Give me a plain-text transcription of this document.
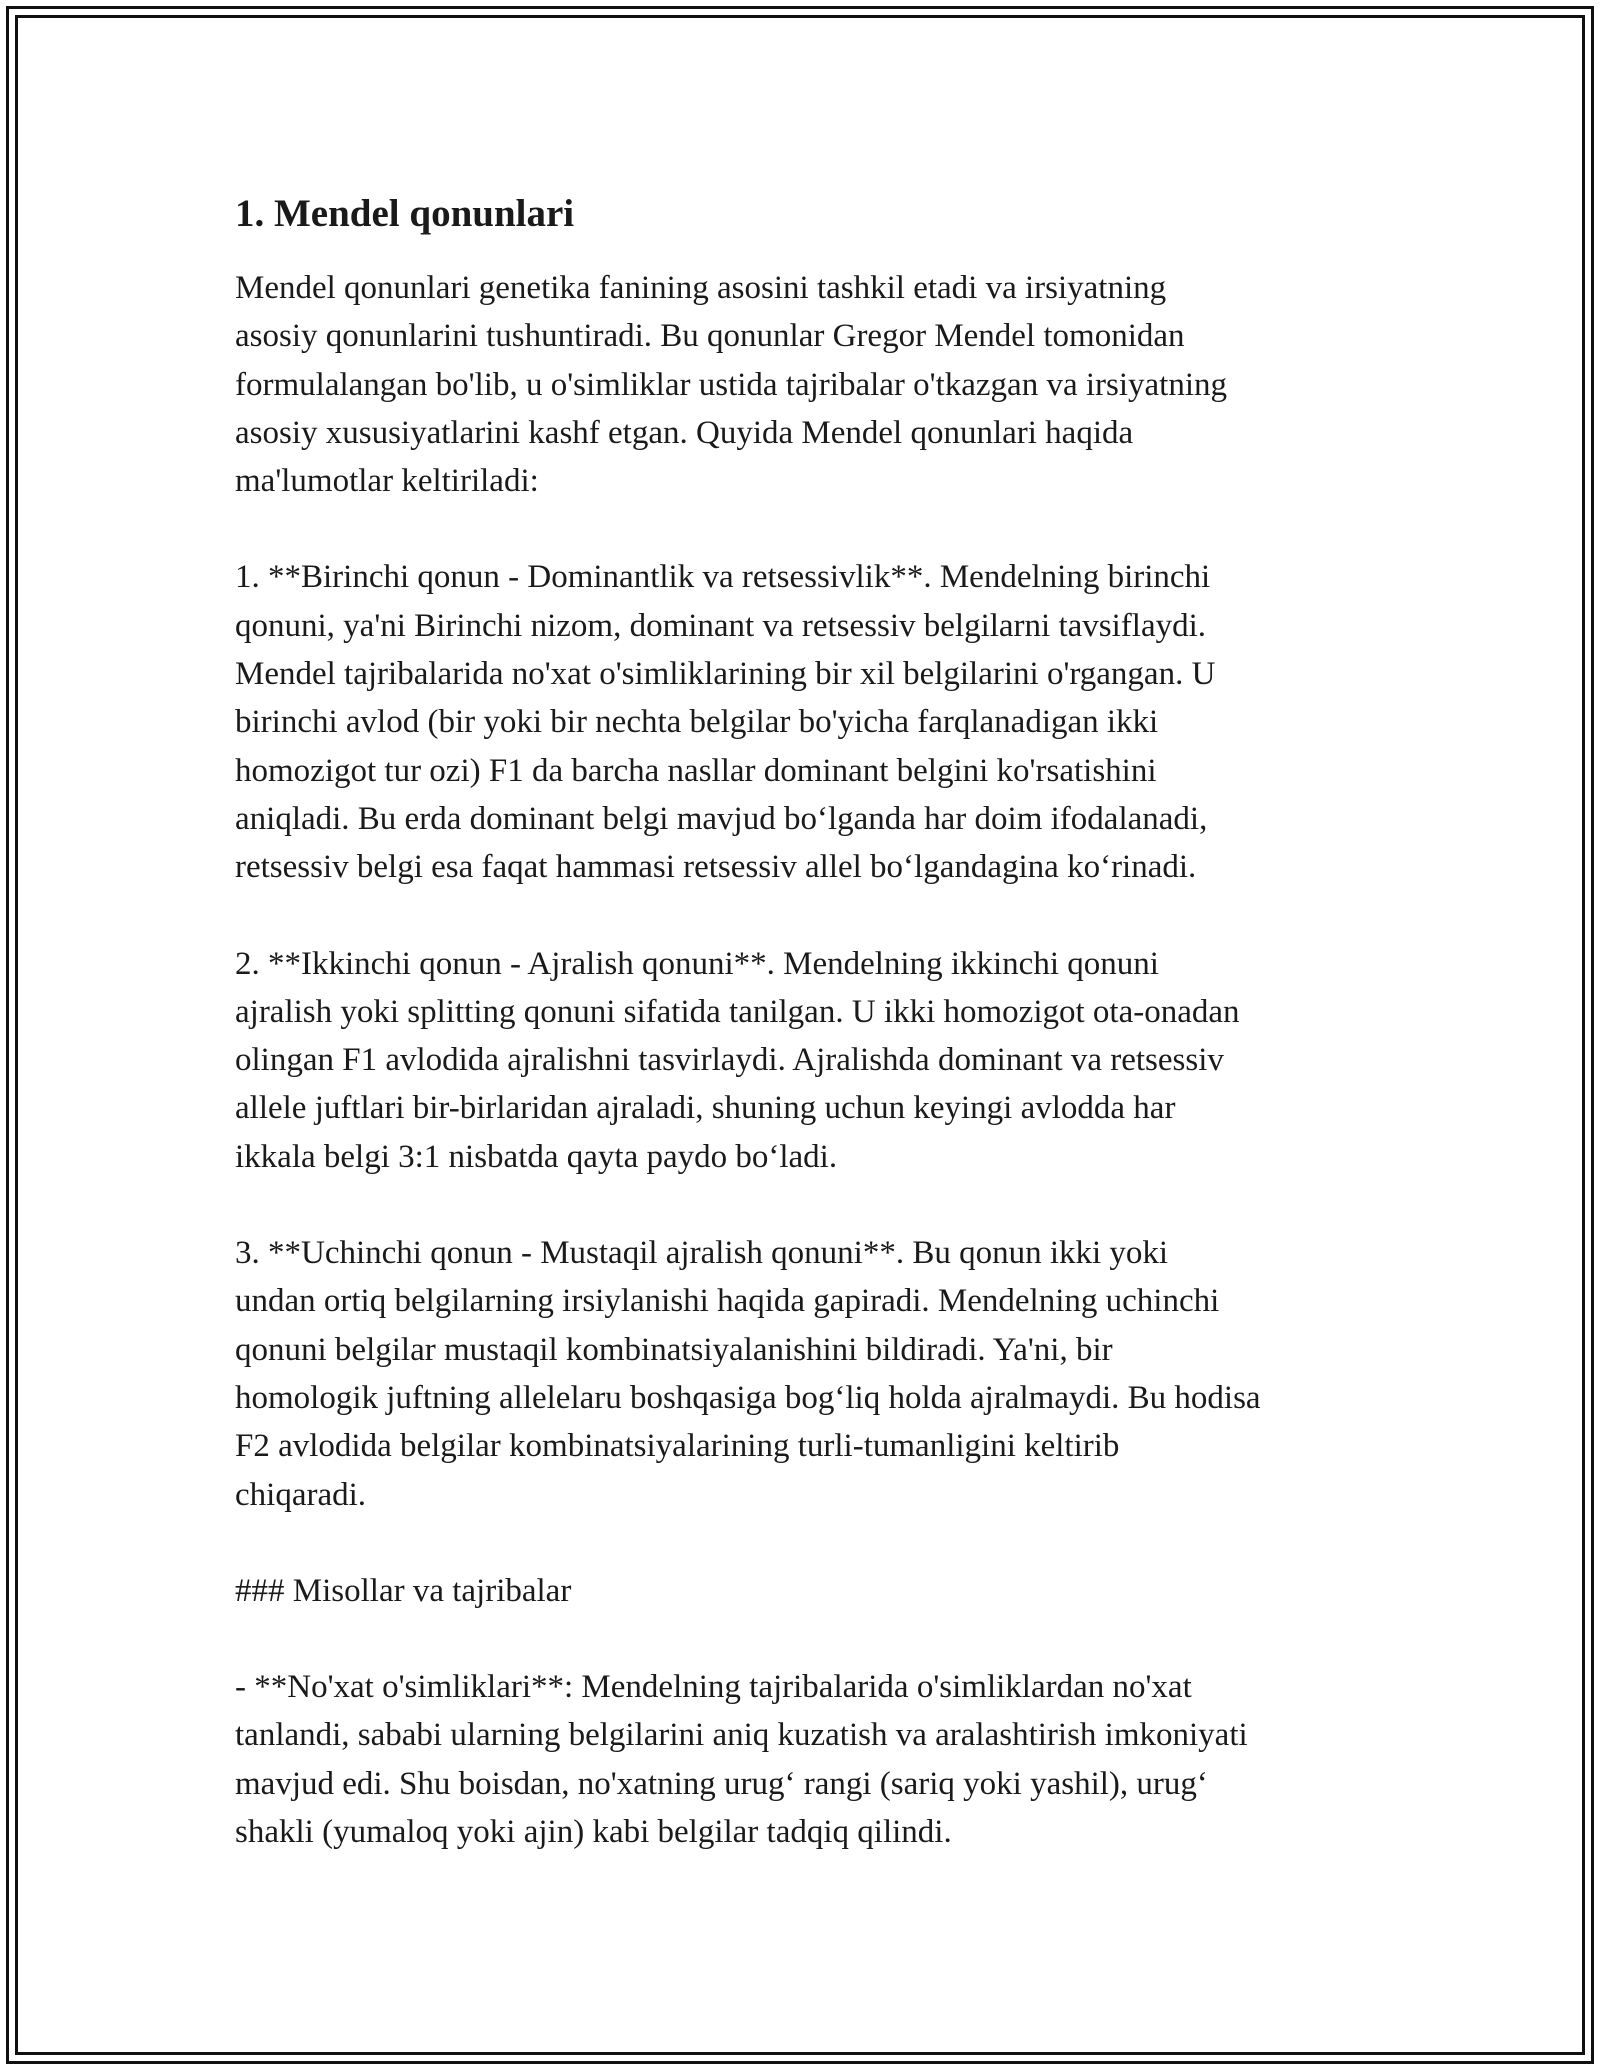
1. Mendel qonunlari

Mendel qonunlari genetika fanining asosini tashkil etadi va irsiyatning
asosiy qonunlarini tushuntiradi. Bu qonunlar Gregor Mendel tomonidan
formulalangan bo'lib, u o'simliklar ustida tajribalar o'tkazgan va irsiyatning
asosiy xususiyatlarini kashf etgan. Quyida Mendel qonunlari haqida
ma'lumotlar keltiriladi:

1. **Birinchi qonun - Dominantlik va retsessivlik**. Mendelning birinchi
qonuni, ya'ni Birinchi nizom, dominant va retsessiv belgilarni tavsiflaydi.
Mendel tajribalarida no'xat o'simliklarining bir xil belgilarini o'rgangan. U
birinchi avlod (bir yoki bir nechta belgilar bo'yicha farqlanadigan ikki
homozigot tur ozi) F1 da barcha nasllar dominant belgini ko'rsatishini
aniqladi. Bu erda dominant belgi mavjud bo‘lganda har doim ifodalanadi,
retsessiv belgi esa faqat hammasi retsessiv allel bo‘lgandagina ko‘rinadi.

2. **Ikkinchi qonun - Ajralish qonuni**. Mendelning ikkinchi qonuni
ajralish yoki splitting qonuni sifatida tanilgan. U ikki homozigot ota-onadan
olingan F1 avlodida ajralishni tasvirlaydi. Ajralishda dominant va retsessiv
allele juftlari bir-birlaridan ajraladi, shuning uchun keyingi avlodda har
ikkala belgi 3:1 nisbatda qayta paydo bo‘ladi.

3. **Uchinchi qonun - Mustaqil ajralish qonuni**. Bu qonun ikki yoki
undan ortiq belgilarning irsiylanishi haqida gapiradi. Mendelning uchinchi
qonuni belgilar mustaqil kombinatsiyalanishini bildiradi. Ya'ni, bir
homologik juftning allelelaru boshqasiga bog‘liq holda ajralmaydi. Bu hodisa
F2 avlodida belgilar kombinatsiyalarining turli-tumanligini keltirib
chiqaradi.

### Misollar va tajribalar

- **No'xat o'simliklari**: Mendelning tajribalarida o'simliklardan no'xat
tanlandi, sababi ularning belgilarini aniq kuzatish va aralashtirish imkoniyati
mavjud edi. Shu boisdan, no'xatning urug‘ rangi (sariq yoki yashil), urug‘
shakli (yumaloq yoki ajin) kabi belgilar tadqiq qilindi.
